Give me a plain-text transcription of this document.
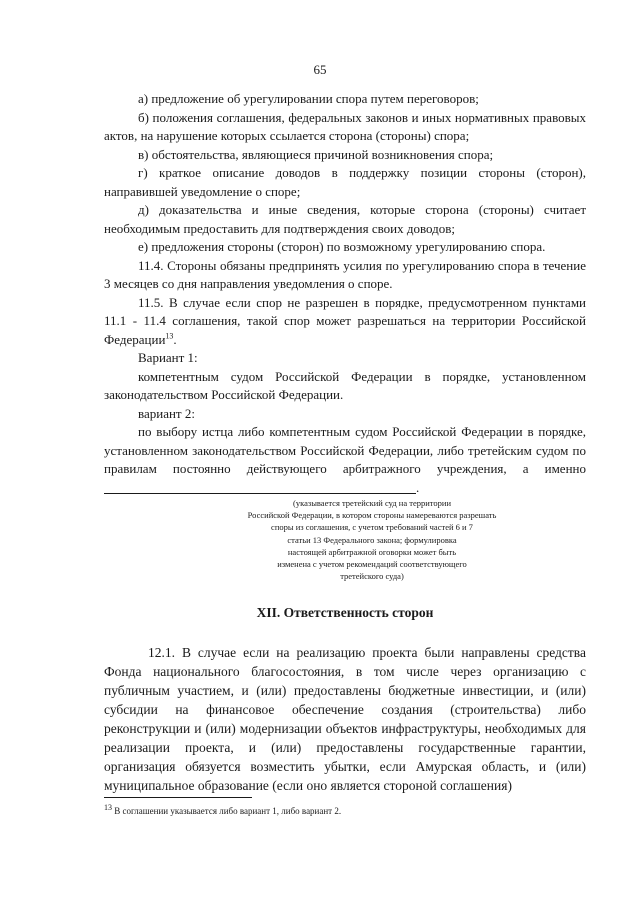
65

а) предложение об урегулировании спора путем переговоров;

б) положения соглашения, федеральных законов и иных нормативных правовых актов, на нарушение которых ссылается сторона (стороны) спора;

в) обстоятельства, являющиеся причиной возникновения спора;

г) краткое описание доводов в поддержку позиции стороны (сторон), направившей уведомление о споре;

д) доказательства и иные сведения, которые сторона (стороны) считает необходимым предоставить для подтверждения своих доводов;

е) предложения стороны (сторон) по возможному урегулированию спора.

11.4. Стороны обязаны предпринять усилия по урегулированию спора в течение 3 месяцев со дня направления уведомления о споре.

11.5. В случае если спор не разрешен в порядке, предусмотренном пунктами 11.1 - 11.4 соглашения, такой спор может разрешаться на территории Российской Федерации$^{13}$.

Вариант 1:

компетентным судом Российской Федерации в порядке, установленном законодательством Российской Федерации.

вариант 2:

по выбору истца либо компетентным судом Российской Федерации в порядке, установленном законодательством Российской Федерации, либо третейским судом по правилам постоянно действующего арбитражного учреждения, а именно .

(указывается третейский суд на территории
Российской Федерации, в котором стороны намереваются разрешать
споры из соглашения, с учетом требований частей 6 и 7
статьи 13 Федерального закона; формулировка
настоящей арбитражной оговорки может быть
изменена с учетом рекомендаций соответствующего
третейского суда)
XII. Ответственность сторон

12.1. В случае если на реализацию проекта были направлены средства Фонда национального благосостояния, в том числе через организацию с публичным участием, и (или) предоставлены бюджетные инвестиции, и (или) субсидии на финансовое обеспечение создания (строительства) либо реконструкции и (или) модернизации объектов инфраструктуры, необходимых для реализации проекта, и (или) предоставлены государственные гарантии, организация обязуется возместить убытки, если Амурская область, и (или) муниципальное образование (если оно является стороной соглашения)

$^{13}$ В соглашении указывается либо вариант 1, либо вариант 2.
